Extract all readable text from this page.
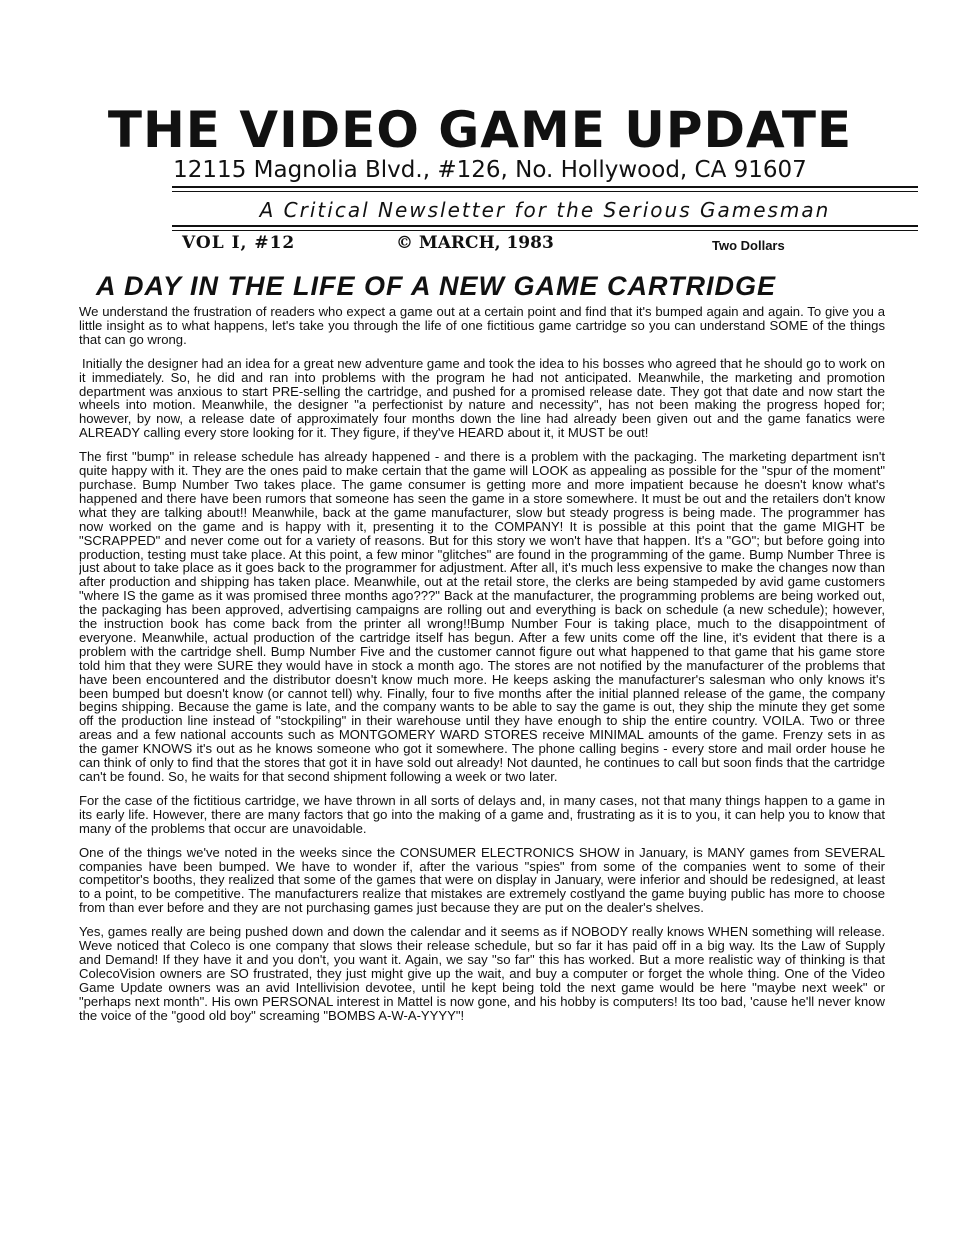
THE VIDEO GAME UPDATE
12115 Magnolia Blvd., #126, No. Hollywood, CA 91607
A Critical Newsletter for the Serious Gamesman
VOL I, #12	© MARCH, 1983	Two Dollars
A DAY IN THE LIFE OF A NEW GAME CARTRIDGE

We understand the frustration of readers who expect a game out at a certain point and find that it's bumped again and again. To give you a little insight as to what happens, let's take you through the life of one fictitious game cartridge so you can understand SOME of the things that can go wrong.

Initially the designer had an idea for a great new adventure game and took the idea to his bosses who agreed that he should go to work on it immediately. So, he did and ran into problems with the program he had not anticipated. Meanwhile, the marketing and promotion department was anxious to start PRE-selling the cartridge, and pushed for a promised release date. They got that date and now start the wheels into motion. Meanwhile, the designer "a perfectionist by nature and necessity", has not been making the progress hoped for; however, by now, a release date of approximately four months down the line had already been given out and the game fanatics were ALREADY calling every store looking for it. They figure, if they've HEARD about it, it MUST be out!

The first "bump" in release schedule has already happened - and there is a problem with the packaging. The marketing department isn't quite happy with it. They are the ones paid to make certain that the game will LOOK as appealing as possible for the "spur of the moment" purchase. Bump Number Two takes place. The game consumer is getting more and more impatient because he doesn't know what's happened and there have been rumors that someone has seen the game in a store somewhere. It must be out and the retailers don't know what they are talking about!! Meanwhile, back at the game manufacturer, slow but steady progress is being made. The programmer has now worked on the game and is happy with it, presenting it to the COMPANY! It is possible at this point that the game MIGHT be "SCRAPPED" and never come out for a variety of reasons. But for this story we won't have that happen. It's a "GO"; but before going into production, testing must take place. At this point, a few minor "glitches" are found in the programming of the game. Bump Number Three is just about to take place as it goes back to the programmer for adjustment. After all, it's much less expensive to make the changes now than after production and shipping has taken place. Meanwhile, out at the retail store, the clerks are being stampeded by avid game customers "where IS the game as it was promised three months ago???" Back at the manufacturer, the programming problems are being worked out, the packaging has been approved, advertising campaigns are rolling out and everything is back on schedule (a new schedule); however, the instruction book has come back from the printer all wrong!!Bump Number Four is taking place, much to the disappointment of everyone. Meanwhile, actual production of the cartridge itself has begun. After a few units come off the line, it's evident that there is a problem with the cartridge shell. Bump Number Five and the customer cannot figure out what happened to that game that his game store told him that they were SURE they would have in stock a month ago. The stores are not notified by the manufacturer of the problems that have been encountered and the distributor doesn't know much more. He keeps asking the manufacturer's salesman who only knows it's been bumped but doesn't know (or cannot tell) why. Finally, four to five months after the initial planned release of the game, the company begins shipping. Because the game is late, and the company wants to be able to say the game is out, they ship the minute they get some off the production line instead of "stockpiling" in their warehouse until they have enough to ship the entire country. VOILA. Two or three areas and a few national accounts such as MONTGOMERY WARD STORES receive MINIMAL amounts of the game. Frenzy sets in as the gamer KNOWS it's out as he knows someone who got it somewhere. The phone calling begins - every store and mail order house he can think of only to find that the stores that got it in have sold out already! Not daunted, he continues to call but soon finds that the cartridge can't be found. So, he waits for that second shipment following a week or two later.

For the case of the fictitious cartridge, we have thrown in all sorts of delays and, in many cases, not that many things happen to a game in its early life. However, there are many factors that go into the making of a game and, frustrating as it is to you, it can help you to know that many of the problems that occur are unavoidable.

One of the things we've noted in the weeks since the CONSUMER ELECTRONICS SHOW in January, is MANY games from SEVERAL companies have been bumped. We have to wonder if, after the various "spies" from some of the companies went to some of their competitor's booths, they realized that some of the games that were on display in January, were inferior and should be redesigned, at least to a point, to be competitive. The manufacturers realize that mistakes are extremely costlyand the game buying public has more to choose from than ever before and they are not purchasing games just because they are put on the dealer's shelves.

Yes, games really are being pushed down and down the calendar and it seems as if NOBODY really knows WHEN something will release. Weve noticed that Coleco is one company that slows their release schedule, but so far it has paid off in a big way. Its the Law of Supply and Demand! If they have it and you don't, you want it. Again, we say "so far" this has worked. But a more realistic way of thinking is that ColecoVision owners are SO frustrated, they just might give up the wait, and buy a computer or forget the whole thing. One of the Video Game Update owners was an avid Intellivision devotee, until he kept being told the next game would be here "maybe next week" or "perhaps next month". His own PERSONAL interest in Mattel is now gone, and his hobby is computers! Its too bad, 'cause he'll never know the voice of the "good old boy" screaming "BOMBS A-W-A-YYYY"!
